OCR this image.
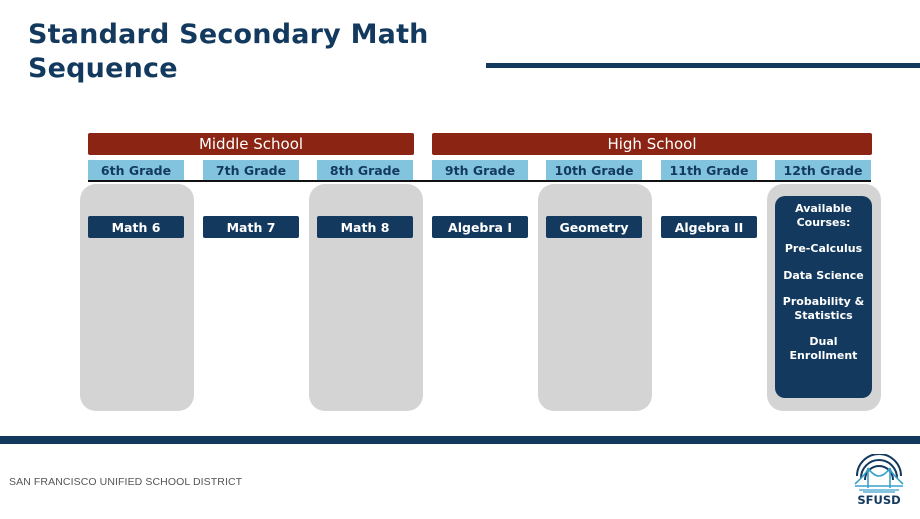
Standard Secondary Math Sequence
Middle School	High School
6th Grade	7th Grade	8th Grade	9th Grade	10th Grade	11th Grade	12th Grade
Math 6	Math 7	Math 8	Algebra I	Geometry	Algebra II
Available Courses:
Pre-Calculus
Data Science
Probability & Statistics
Dual Enrollment
SAN FRANCISCO UNIFIED SCHOOL DISTRICT
SFUSD
